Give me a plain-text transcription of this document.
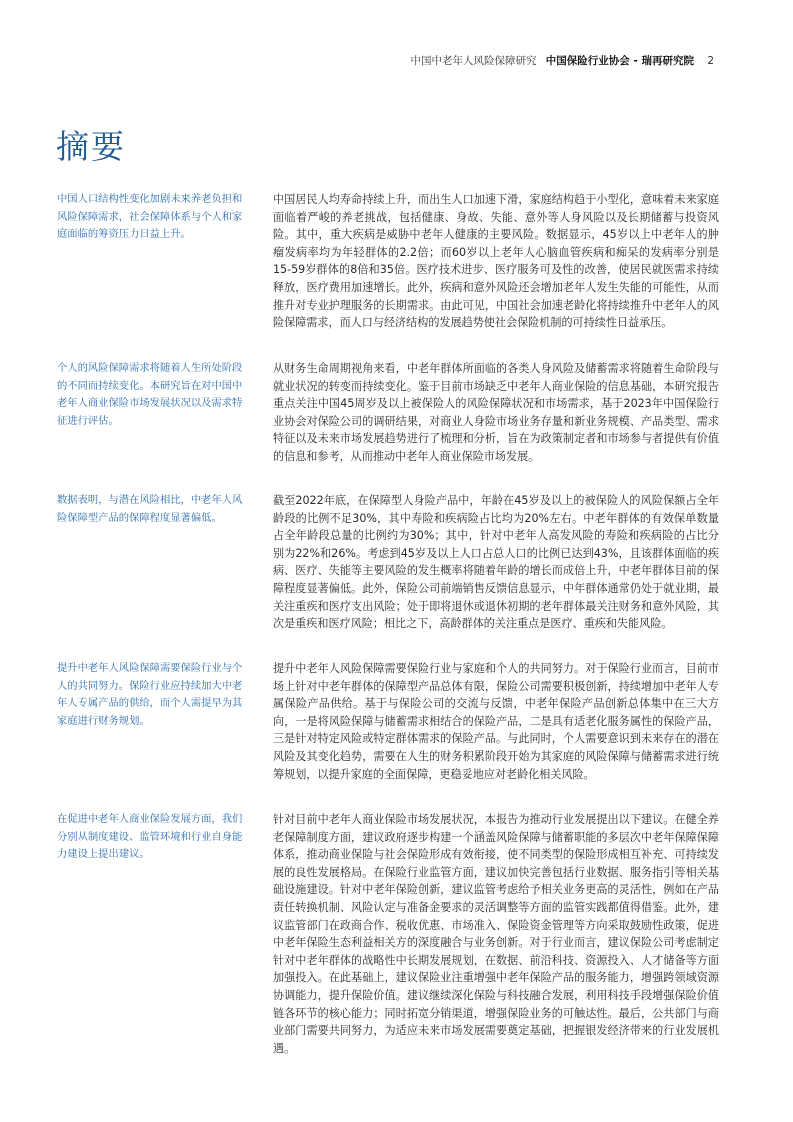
中国中老年人风险保障研究 中国保险行业协会 - 瑞再研究院 2
摘要
中国人口结构性变化加剧未来养老负担和风险保障需求，社会保障体系与个人和家庭面临的筹资压力日益上升。

中国居民人均寿命持续上升，而出生人口加速下滑，家庭结构趋于小型化，意味着未来家庭面临着严峻的养老挑战，包括健康、身故、失能、意外等人身风险以及长期储蓄与投资风险。其中，重大疾病是威胁中老年人健康的主要风险。数据显示，45岁以上中老年人的肿瘤发病率均为年轻群体的2.2倍；而60岁以上老年人心脑血管疾病和痴呆的发病率分别是15-59岁群体的8倍和35倍。医疗技术进步、医疗服务可及性的改善，使居民就医需求持续释放，医疗费用加速增长。此外，疾病和意外风险还会增加老年人发生失能的可能性，从而推升对专业护理服务的长期需求。由此可见，中国社会加速老龄化将持续推升中老年人的风险保障需求，而人口与经济结构的发展趋势使社会保险机制的可持续性日益承压。

个人的风险保障需求将随着人生所处阶段的不同而持续变化。本研究旨在对中国中老年人商业保险市场发展状况以及需求特征进行评估。

从财务生命周期视角来看，中老年群体所面临的各类人身风险及储蓄需求将随着生命阶段与就业状况的转变而持续变化。鉴于目前市场缺乏中老年人商业保险的信息基础，本研究报告重点关注中国45周岁及以上被保险人的风险保障状况和市场需求，基于2023年中国保险行业协会对保险公司的调研结果，对商业人身险市场业务存量和新业务规模、产品类型、需求特征以及未来市场发展趋势进行了梳理和分析，旨在为政策制定者和市场参与者提供有价值的信息和参考，从而推动中老年人商业保险市场发展。

数据表明，与潜在风险相比，中老年人风险保障型产品的保障程度显著偏低。

截至2022年底，在保障型人身险产品中，年龄在45岁及以上的被保险人的风险保额占全年龄段的比例不足30%，其中寿险和疾病险占比均为20%左右。中老年群体的有效保单数量占全年龄段总量的比例约为30%；其中，针对中老年人高发风险的寿险和疾病险的占比分别为22%和26%。考虑到45岁及以上人口占总人口的比例已达到43%，且该群体面临的疾病、医疗、失能等主要风险的发生概率将随着年龄的增长而成倍上升，中老年群体目前的保障程度显著偏低。此外，保险公司前端销售反馈信息显示，中年群体通常仍处于就业期，最关注重疾和医疗支出风险；处于即将退休或退休初期的老年群体最关注财务和意外风险，其次是重疾和医疗风险；相比之下，高龄群体的关注重点是医疗、重疾和失能风险。

提升中老年人风险保障需要保险行业与个人的共同努力。保险行业应持续加大中老年人专属产品的供给，而个人需提早为其家庭进行财务规划。

提升中老年人风险保障需要保险行业与家庭和个人的共同努力。对于保险行业而言，目前市场上针对中老年群体的保障型产品总体有限，保险公司需要积极创新，持续增加中老年人专属保险产品供给。基于与保险公司的交流与反馈，中老年保险产品创新总体集中在三大方向，一是将风险保障与储蓄需求相结合的保险产品，二是具有适老化服务属性的保险产品，三是针对特定风险或特定群体需求的保险产品。与此同时，个人需要意识到未来存在的潜在风险及其变化趋势，需要在人生的财务积累阶段开始为其家庭的风险保障与储蓄需求进行统筹规划，以提升家庭的全面保障，更稳妥地应对老龄化相关风险。

在促进中老年人商业保险发展方面，我们分别从制度建设、监管环境和行业自身能力建设上提出建议。

针对目前中老年人商业保险市场发展状况，本报告为推动行业发展提出以下建议。在健全养老保障制度方面，建议政府逐步构建一个涵盖风险保障与储蓄职能的多层次中老年保障保障体系，推动商业保险与社会保险形成有效衔接，使不同类型的保险形成相互补充、可持续发展的良性发展格局。在保险行业监管方面，建议加快完善包括行业数据、服务指引等相关基础设施建设。针对中老年保险创新，建议监管考虑给予相关业务更高的灵活性，例如在产品责任转换机制、风险认定与准备金要求的灵活调整等方面的监管实践都值得借鉴。此外，建议监管部门在政商合作、税收优惠、市场准入、保险资金管理等方向采取鼓励性政策，促进中老年保险生态利益相关方的深度融合与业务创新。对于行业而言，建议保险公司考虑制定针对中老年群体的战略性中长期发展规划，在数据、前沿科技、资源投入、人才储备等方面加强投入。在此基础上，建议保险业注重增强中老年保险产品的服务能力，增强跨领域资源协调能力，提升保险价值。建议继续深化保险与科技融合发展，利用科技手段增强保险价值链各环节的核心能力；同时拓宽分销渠道，增强保险业务的可触达性。最后，公共部门与商业部门需要共同努力，为适应未来市场发展需要奠定基础，把握银发经济带来的行业发展机遇。
